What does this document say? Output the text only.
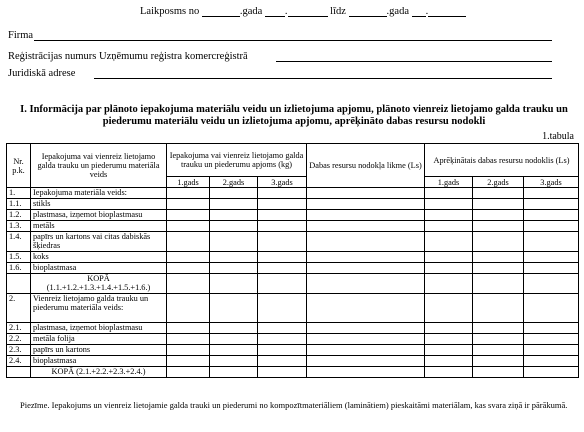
Laikposms no	.gada .	līdz	.gada .
Firma
Reģistrācijas numurs Uzņēmumu reģistra komercreģistrā
Juridiskā adrese
I. Informācija par plānoto iepakojuma materiālu veidu un izlietojuma apjomu, plānoto vienreiz lietojamo galda trauku un piederumu materiālu veidu un izlietojuma apjomu, aprēķināto dabas resursu nodokli
1.tabula
Nr. p.k.	Iepakojuma vai vienreiz lietojamo galda trauku un piederumu materiāla veids	Iepakojuma vai vienreiz lietojamo galda trauku un piederumu apjoms (kg)			Dabas resursu nodokļa likme (Ls)	Aprēķinātais dabas resursu nodoklis (Ls)		
		1.gads	2.gads	3.gads		1.gads	2.gads	3.gads
1.	Iepakojuma materiāla veids:							
1.1.	stikls							
1.2.	plastmasa, izņemot bioplastmasu							
1.3.	metāls							
1.4.	papīrs un kartons vai citas dabiskās šķiedras							
1.5.	koks							
1.6.	bioplastmasa							
	KOPĀ
(1.1.+1.2.+1.3.+1.4.+1.5.+1.6.)							
2.	Vienreiz lietojamo galda trauku un piederumu materiāla veids:							
2.1.	plastmasa, izņemot bioplastmasu							
2.2.	metāla folija							
2.3.	papīrs un kartons							
2.4.	bioplastmasa							
	KOPĀ (2.1.+2.2.+2.3.+2.4.)							
Piezīme. Iepakojums un vienreiz lietojamie galda trauki un piederumi no kompozītmateriāliem (laminātiem) pieskaitāmi materiālam, kas svara ziņā ir pārākumā.
